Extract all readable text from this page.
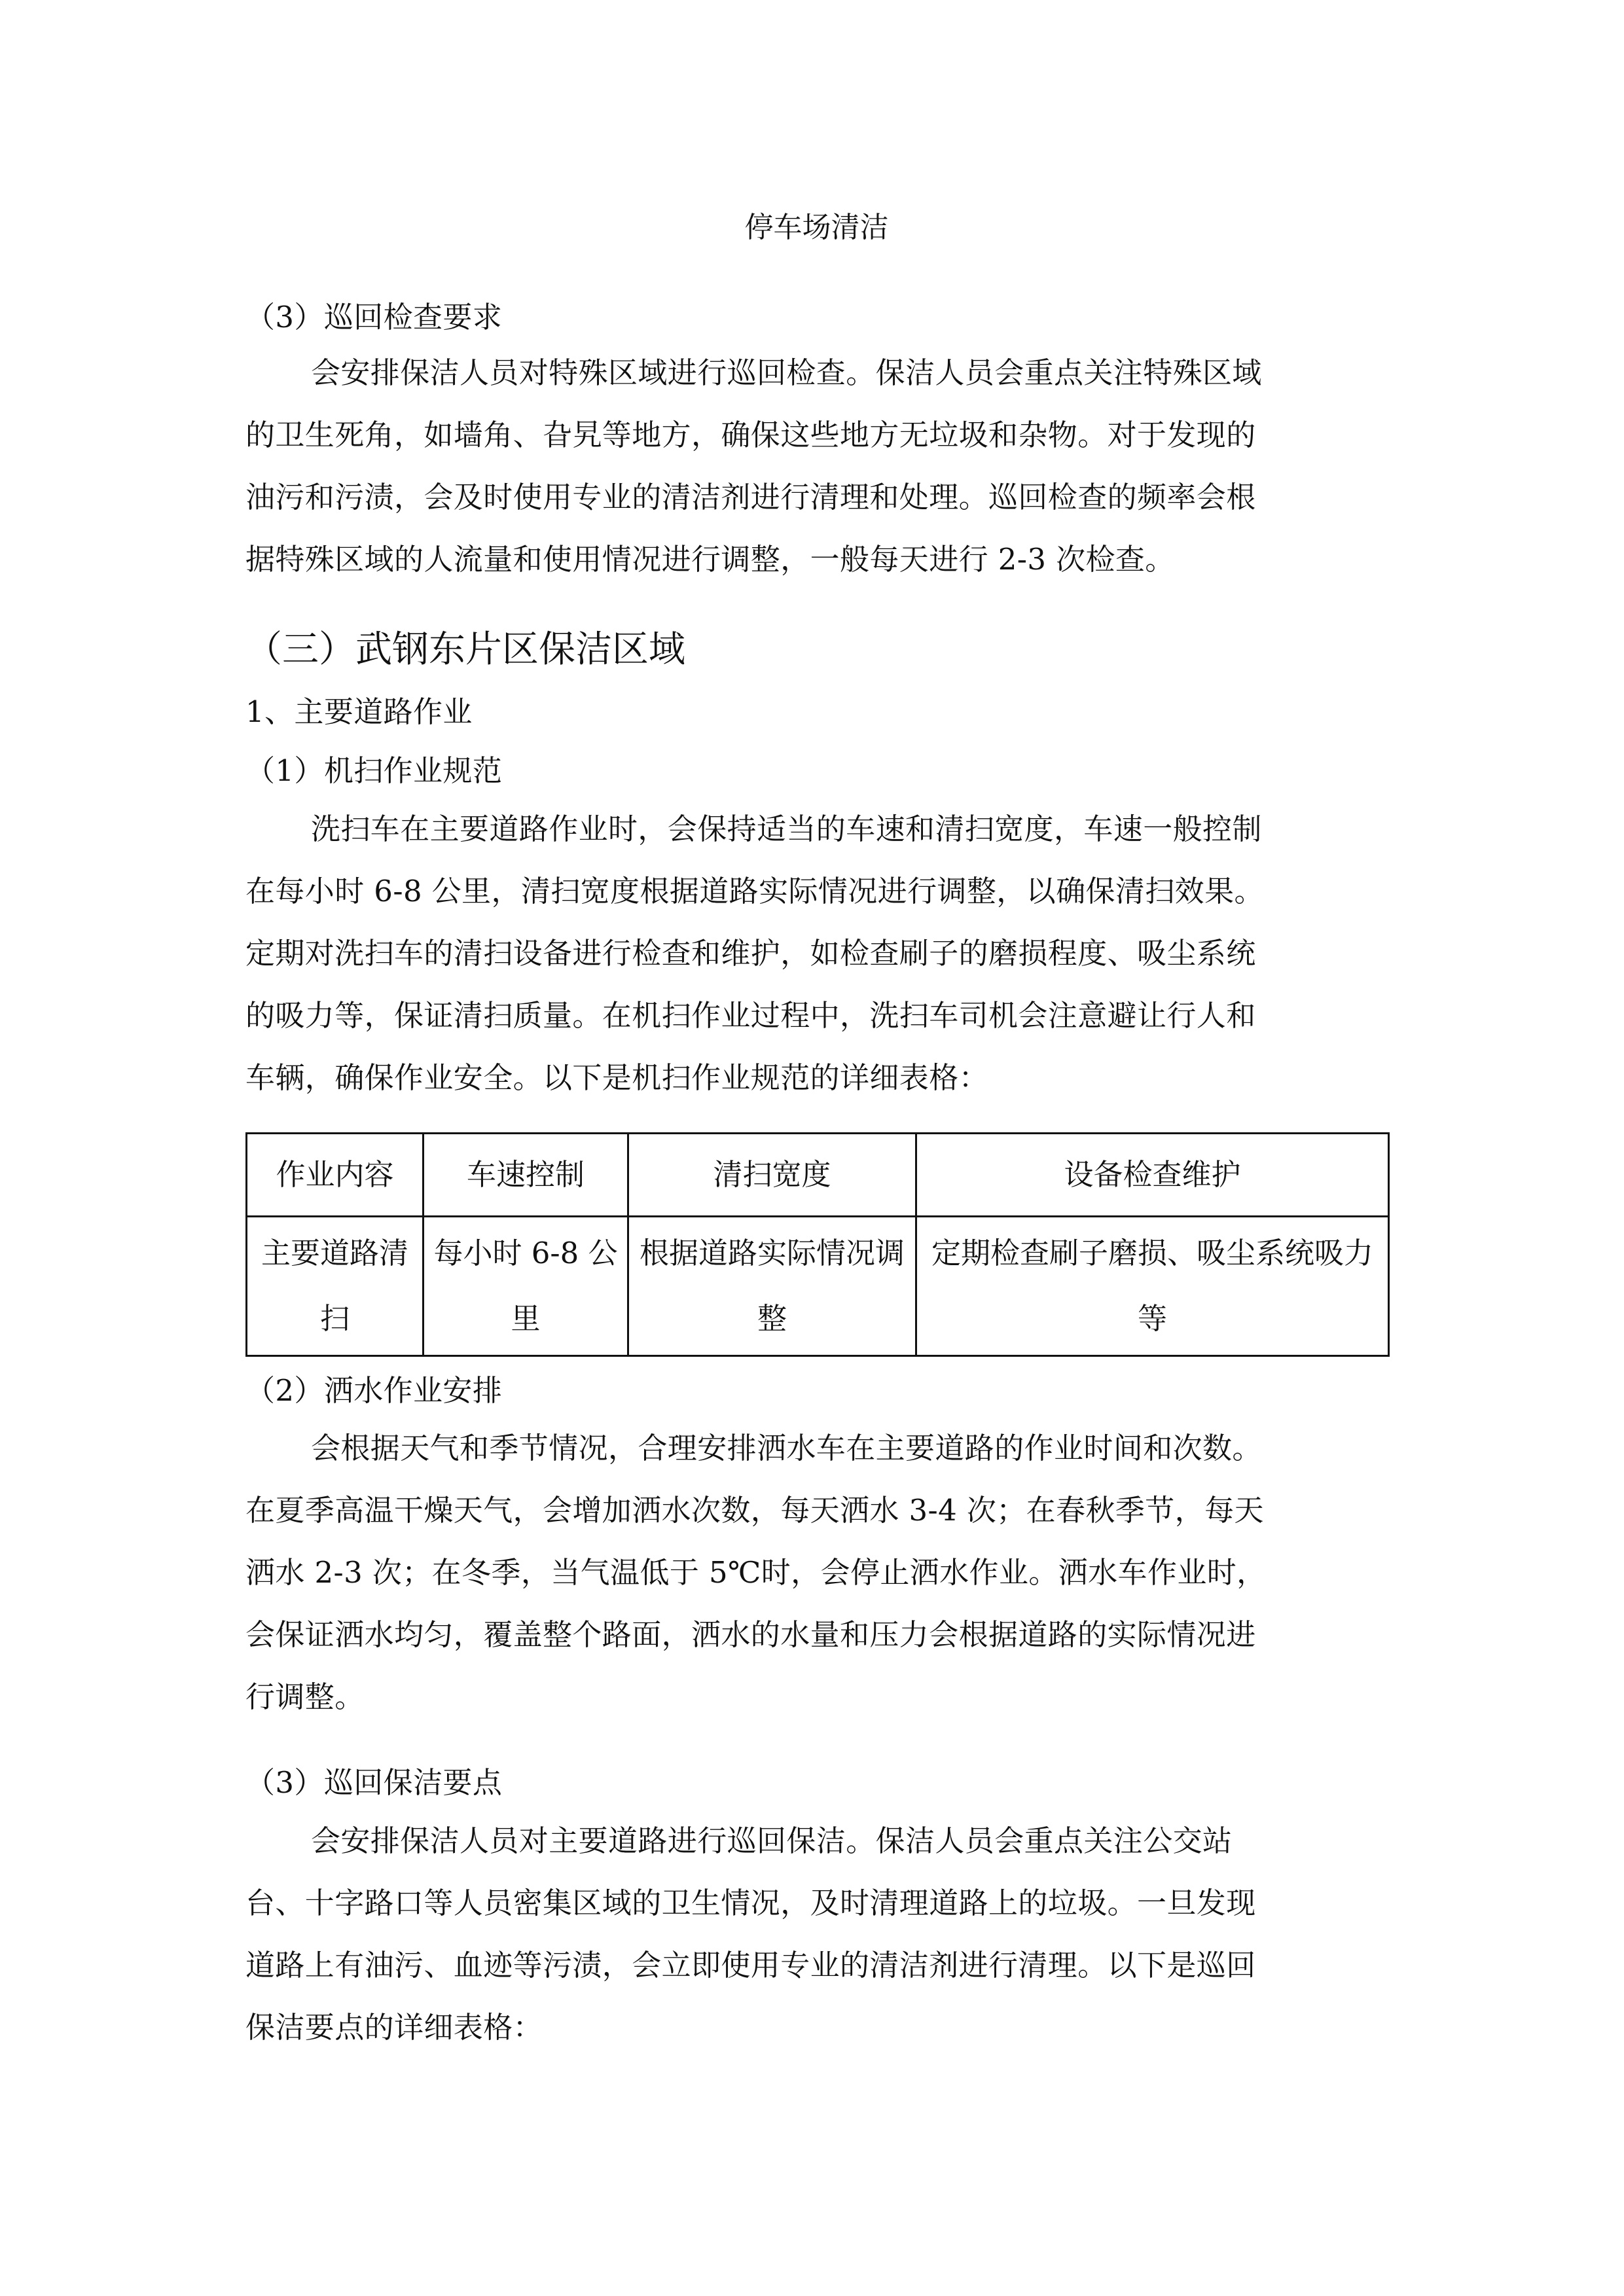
停车场清洁
（3）巡回检查要求
会安排保洁人员对特殊区域进行巡回检查。保洁人员会重点关注特殊区域
的卫生死角，如墙角、旮旯等地方，确保这些地方无垃圾和杂物。对于发现的
油污和污渍，会及时使用专业的清洁剂进行清理和处理。巡回检查的频率会根
据特殊区域的人流量和使用情况进行调整，一般每天进行 2-3 次检查。
（三）武钢东片区保洁区域
1、主要道路作业
（1）机扫作业规范
洗扫车在主要道路作业时，会保持适当的车速和清扫宽度，车速一般控制
在每小时 6-8 公里，清扫宽度根据道路实际情况进行调整，以确保清扫效果。
定期对洗扫车的清扫设备进行检查和维护，如检查刷子的磨损程度、吸尘系统
的吸力等，保证清扫质量。在机扫作业过程中，洗扫车司机会注意避让行人和
车辆，确保作业安全。以下是机扫作业规范的详细表格：
作业内容	车速控制	清扫宽度	设备检查维护
主要道路清扫	每小时 6-8 公里	根据道路实际情况调整	定期检查刷子磨损、吸尘系统吸力等
（2）洒水作业安排
会根据天气和季节情况，合理安排洒水车在主要道路的作业时间和次数。
在夏季高温干燥天气，会增加洒水次数，每天洒水 3-4 次；在春秋季节，每天
洒水 2-3 次；在冬季，当气温低于 5℃时，会停止洒水作业。洒水车作业时，
会保证洒水均匀，覆盖整个路面，洒水的水量和压力会根据道路的实际情况进
行调整。
（3）巡回保洁要点
会安排保洁人员对主要道路进行巡回保洁。保洁人员会重点关注公交站
台、十字路口等人员密集区域的卫生情况，及时清理道路上的垃圾。一旦发现
道路上有油污、血迹等污渍，会立即使用专业的清洁剂进行清理。以下是巡回
保洁要点的详细表格：
